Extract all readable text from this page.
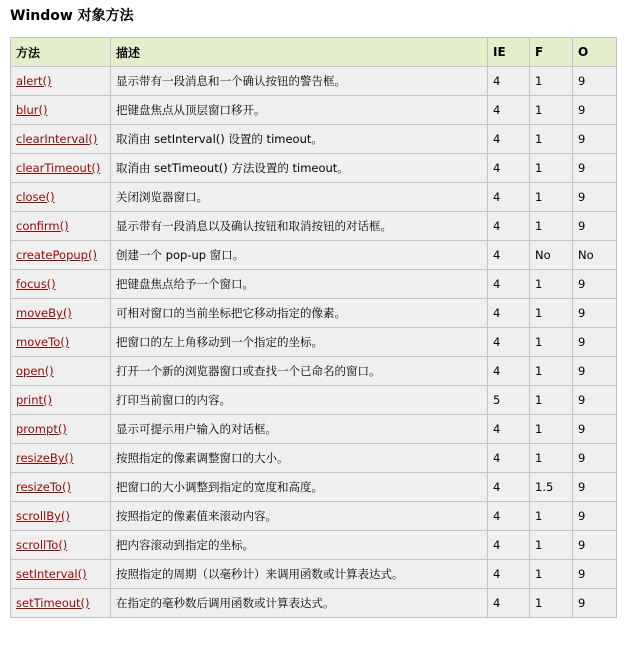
Window 对象方法
方法	描述	IE	F	O
alert()	显示带有一段消息和一个确认按钮的警告框。	4	1	9
blur()	把键盘焦点从顶层窗口移开。	4	1	9
clearInterval()	取消由 setInterval() 设置的 timeout。	4	1	9
clearTimeout()	取消由 setTimeout() 方法设置的 timeout。	4	1	9
close()	关闭浏览器窗口。	4	1	9
confirm()	显示带有一段消息以及确认按钮和取消按钮的对话框。	4	1	9
createPopup()	创建一个 pop-up 窗口。	4	No	No
focus()	把键盘焦点给予一个窗口。	4	1	9
moveBy()	可相对窗口的当前坐标把它移动指定的像素。	4	1	9
moveTo()	把窗口的左上角移动到一个指定的坐标。	4	1	9
open()	打开一个新的浏览器窗口或查找一个已命名的窗口。	4	1	9
print()	打印当前窗口的内容。	5	1	9
prompt()	显示可提示用户输入的对话框。	4	1	9
resizeBy()	按照指定的像素调整窗口的大小。	4	1	9
resizeTo()	把窗口的大小调整到指定的宽度和高度。	4	1.5	9
scrollBy()	按照指定的像素值来滚动内容。	4	1	9
scrollTo()	把内容滚动到指定的坐标。	4	1	9
setInterval()	按照指定的周期（以毫秒计）来调用函数或计算表达式。	4	1	9
setTimeout()	在指定的毫秒数后调用函数或计算表达式。	4	1	9
